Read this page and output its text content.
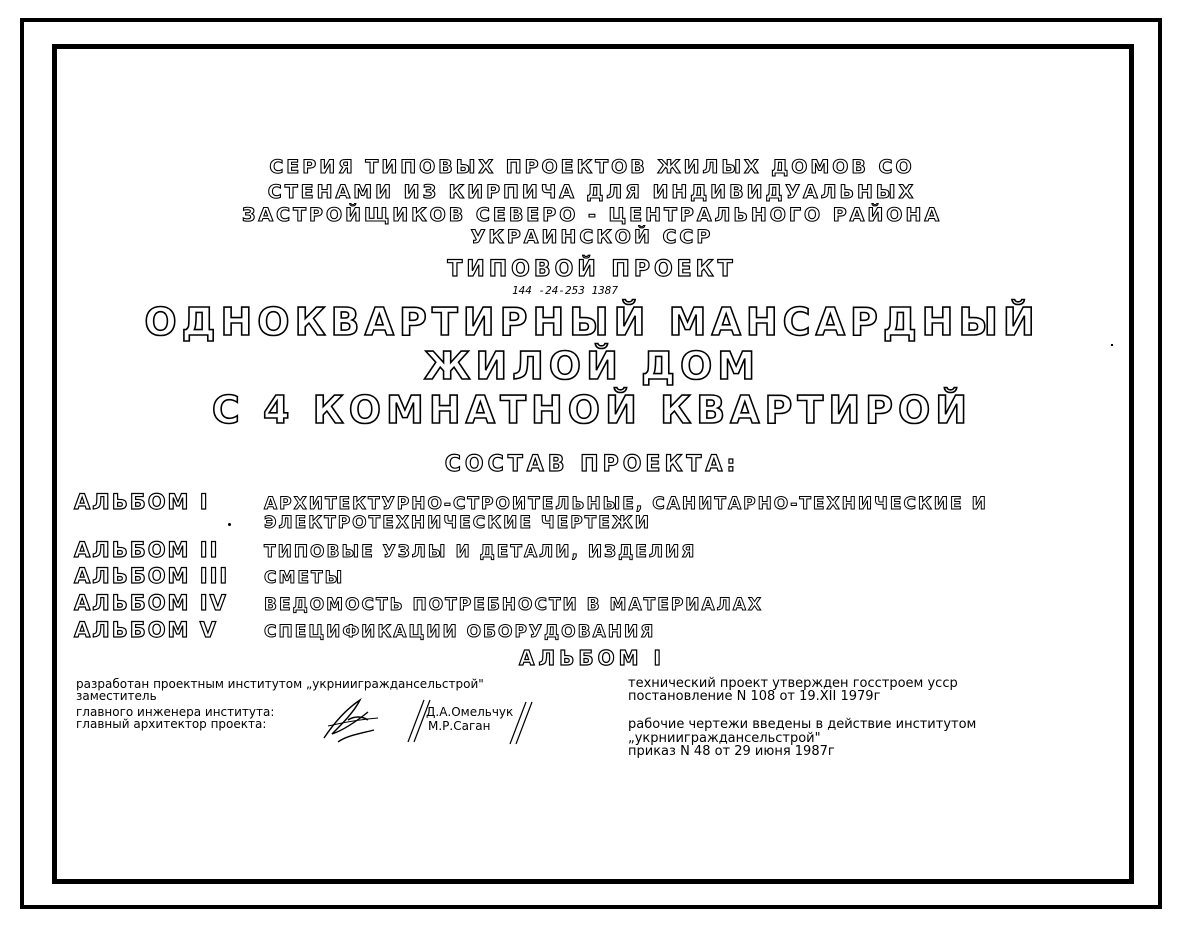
СЕРИЯ ТИПОВЫХ ПРОЕКТОВ ЖИЛЫХ ДОМОВ СО
СТЕНАМИ ИЗ КИРПИЧА ДЛЯ ИНДИВИДУАЛЬНЫХ
ЗАСТРОЙЩИКОВ СЕВЕРО - ЦЕНТРАЛЬНОГО РАЙОНА
УКРАИНСКОЙ ССР
ТИПОВОЙ ПРОЕКТ
144 -24-253 1387
ОДНОКВАРТИРНЫЙ МАНСАРДНЫЙ
ЖИЛОЙ ДОМ
С 4 КОМНАТНОЙ КВАРТИРОЙ
СОСТАВ ПРОЕКТА:
АЛЬБОМ I	АРХИТЕКТУРНО-СТРОИТЕЛЬНЫЕ, САНИТАРНО-ТЕХНИЧЕСКИЕ И
ЭЛЕКТРОТЕХНИЧЕСКИЕ ЧЕРТЕЖИ
АЛЬБОМ II	ТИПОВЫЕ УЗЛЫ И ДЕТАЛИ, ИЗДЕЛИЯ
АЛЬБОМ III	СМЕТЫ
АЛЬБОМ IV	ВЕДОМОСТЬ ПОТРЕБНОСТИ В МАТЕРИАЛАХ
АЛЬБОМ V	СПЕЦИФИКАЦИИ ОБОРУДОВАНИЯ
АЛЬБОМ I
разработан проектным институтом „укрниигражданcельстрой"
заместитель
главного инженера института:
главный архитектор проекта:
Д.А.Омельчук
М.Р.Саган
технический проект утвержден госстроем усср
постановление N 108 от 19.XII 1979г
рабочие чертежи введены в действие институтом
„укрниигражданcельстрой"
приказ N 48 от 29 июня 1987г
